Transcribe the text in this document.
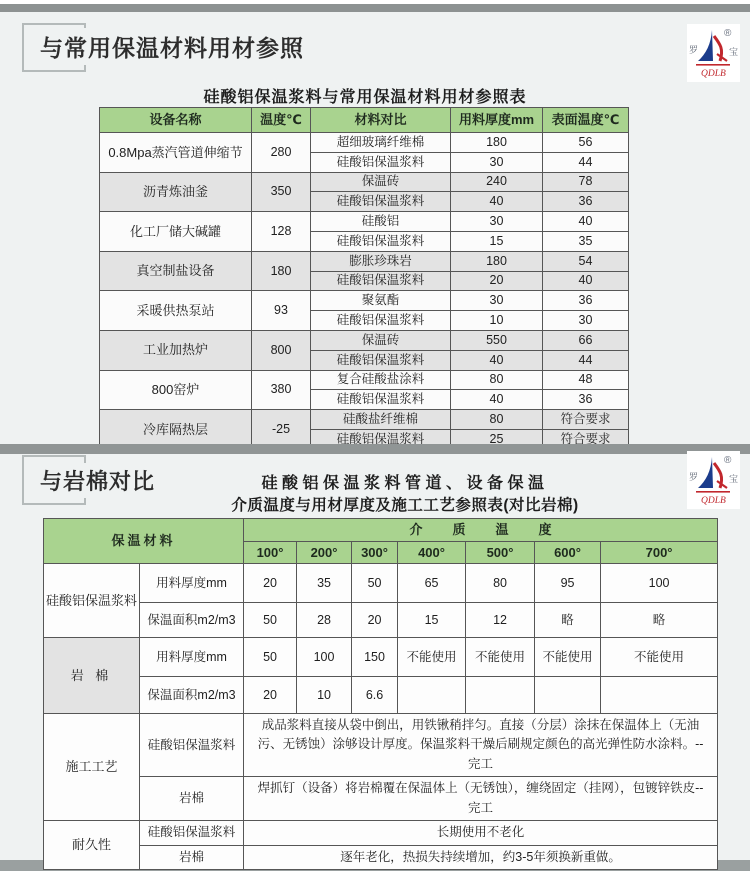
与常用保温材料用材参照	罗	宝
®
QDLB
硅酸铝保温浆料与常用保温材料用材参照表
设备名称	温度℃	材料对比	用料厚度mm	表面温度℃
0.8Mpa蒸汽管道伸缩节	280	超细玻璃纤维棉	180	56
		硅酸铝保温浆料	30	44
沥青炼油釜	350	保温砖	240	78
		硅酸铝保温浆料	40	36
化工厂储大碱罐	128	硅酸铝	30	40
		硅酸铝保温浆料	15	35
真空制盐设备	180	膨胀珍珠岩	180	54
		硅酸铝保温浆料	20	40
采暖供热泵站	93	聚氨酯	30	36
		硅酸铝保温浆料	10	30
工业加热炉	800	保温砖	550	66
		硅酸铝保温浆料	40	44
800窑炉	380	复合硅酸盐涂料	80	48
		硅酸铝保温浆料	40	36
冷库隔热层	-25	硅酸盐纤维棉	80	符合要求
		硅酸铝保温浆料	25	符合要求
与岩棉对比	硅酸铝保温浆料管道、设备保温
介质温度与用材厚度及施工工艺参照表(对比岩棉)
罗	宝
®
QDLB
保温材料		介质温度						
		100°	200°	300°	400°	500°	600°	700°
硅酸铝保温浆料	用料厚度mm	20	35	50	65	80	95	100
	保温面积m2/m3	50	28	20	15	12	略	略
岩 棉	用料厚度mm	50	100	150	不能使用	不能使用	不能使用	不能使用
	保温面积m2/m3	20	10	6.6				
施工工艺	硅酸铝保温浆料	成品浆料直接从袋中倒出，用铁锹稍拌匀。直接（分层）涂抹在保温体上（无油污、无锈蚀）涂够设计厚度。保温浆料干燥后刷规定颜色的高光弹性防水涂料。--完工						
	岩棉	焊抓钉（设备）将岩棉覆在保温体上（无锈蚀），缠绕固定（挂网），包镀锌铁皮--完工						
耐久性	硅酸铝保温浆料	长期使用不老化						
	岩棉	逐年老化，热损失持续增加，约3-5年须换新重做。						
